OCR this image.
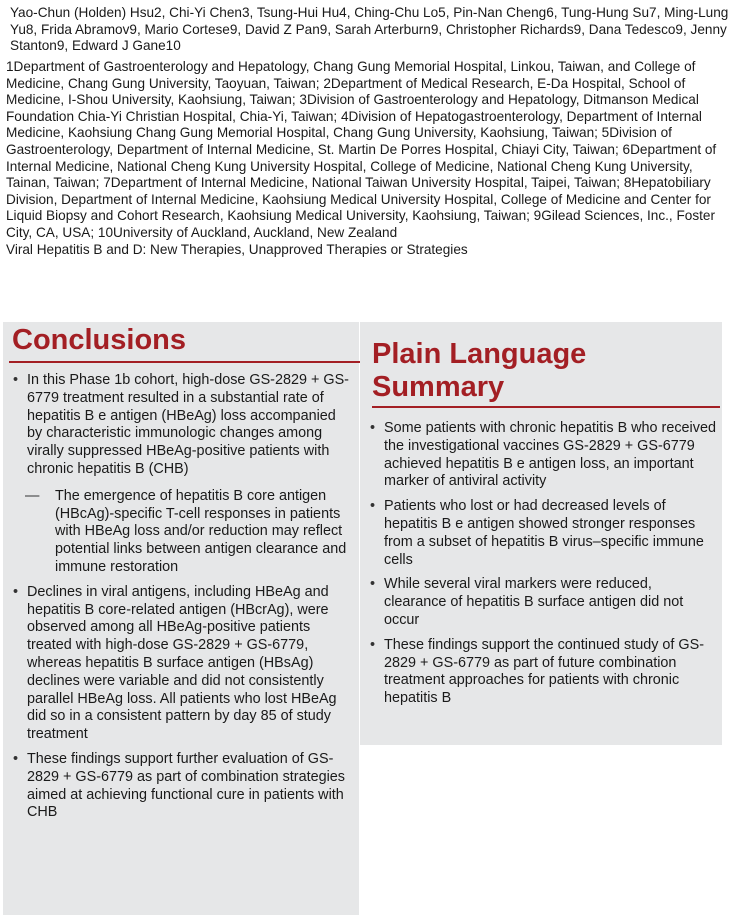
Yao-Chun (Holden) Hsu2, Chi-Yi Chen3, Tsung-Hui Hu4, Ching-Chu Lo5, Pin-Nan Cheng6, Tung-Hung Su7, Ming-Lung Yu8, Frida Abramov9, Mario Cortese9, David Z Pan9, Sarah Arterburn9, Christopher Richards9, Dana Tedesco9, Jenny Stanton9, Edward J Gane10

1Department of Gastroenterology and Hepatology, Chang Gung Memorial Hospital, Linkou, Taiwan, and College of Medicine, Chang Gung University, Taoyuan, Taiwan; 2Department of Medical Research, E-Da Hospital, School of Medicine, I-Shou University, Kaohsiung, Taiwan; 3Division of Gastroenterology and Hepatology, Ditmanson Medical Foundation Chia-Yi Christian Hospital, Chia-Yi, Taiwan; 4Division of Hepatogastroenterology, Department of Internal Medicine, Kaohsiung Chang Gung Memorial Hospital, Chang Gung University, Kaohsiung, Taiwan; 5Division of Gastroenterology, Department of Internal Medicine, St. Martin De Porres Hospital, Chiayi City, Taiwan; 6Department of Internal Medicine, National Cheng Kung University Hospital, College of Medicine, National Cheng Kung University, Tainan, Taiwan; 7Department of Internal Medicine, National Taiwan University Hospital, Taipei, Taiwan; 8Hepatobiliary Division, Department of Internal Medicine, Kaohsiung Medical University Hospital, College of Medicine and Center for Liquid Biopsy and Cohort Research, Kaohsiung Medical University, Kaohsiung, Taiwan; 9Gilead Sciences, Inc., Foster City, CA, USA; 10University of Auckland, Auckland, New Zealand
Viral Hepatitis B and D: New Therapies, Unapproved Therapies or Strategies

Conclusions
• In this Phase 1b cohort, high-dose GS-2829 + GS-6779 treatment resulted in a substantial rate of hepatitis B e antigen (HBeAg) loss accompanied by characteristic immunologic changes among virally suppressed HBeAg-positive patients with chronic hepatitis B (CHB)
— The emergence of hepatitis B core antigen (HBcAg)-specific T-cell responses in patients with HBeAg loss and/or reduction may reflect potential links between antigen clearance and immune restoration
• Declines in viral antigens, including HBeAg and hepatitis B core-related antigen (HBcrAg), were observed among all HBeAg-positive patients treated with high-dose GS-2829 + GS-6779, whereas hepatitis B surface antigen (HBsAg) declines were variable and did not consistently parallel HBeAg loss. All patients who lost HBeAg did so in a consistent pattern by day 85 of study treatment
• These findings support further evaluation of GS-2829 + GS-6779 as part of combination strategies aimed at achieving functional cure in patients with CHB
Plain Language Summary
• Some patients with chronic hepatitis B who received the investigational vaccines GS-2829 + GS-6779 achieved hepatitis B e antigen loss, an important marker of antiviral activity
• Patients who lost or had decreased levels of hepatitis B e antigen showed stronger responses from a subset of hepatitis B virus–specific immune cells
• While several viral markers were reduced, clearance of hepatitis B surface antigen did not occur
• These findings support the continued study of GS-2829 + GS-6779 as part of future combination treatment approaches for patients with chronic hepatitis B
